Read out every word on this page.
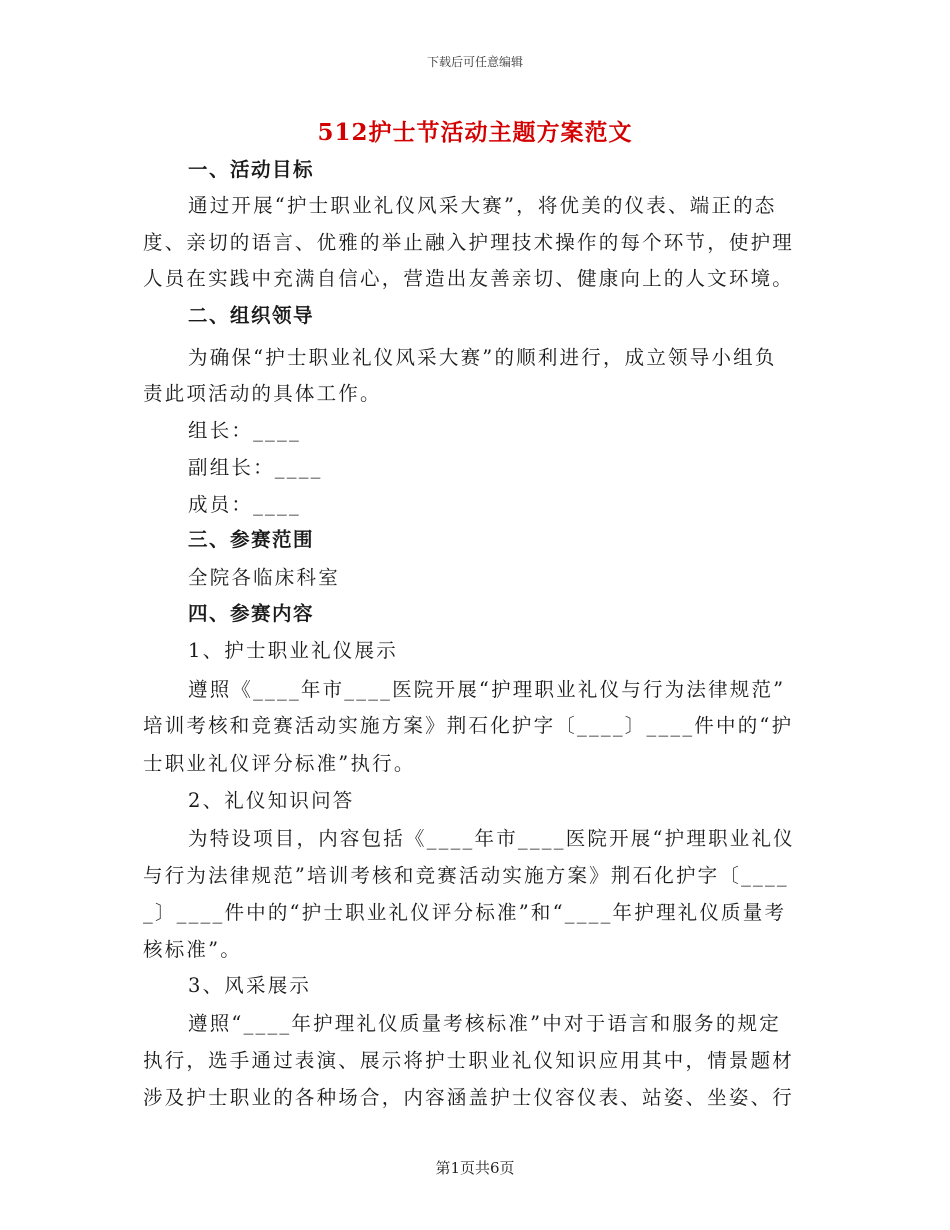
下载后可任意编辑
512护士节活动主题方案范文
一、活动目标
通过开展“护士职业礼仪风采大赛”，将优美的仪表、端正的态
度、亲切的语言、优雅的举止融入护理技术操作的每个环节，使护理
人员在实践中充满自信心，营造出友善亲切、健康向上的人文环境。
二、组织领导
为确保“护士职业礼仪风采大赛”的顺利进行，成立领导小组负
责此项活动的具体工作。
组长：____
副组长：____
成员：____
三、参赛范围
全院各临床科室
四、参赛内容
1、护士职业礼仪展示
遵照《____年市____医院开展“护理职业礼仪与行为法律规范”
培训考核和竞赛活动实施方案》荆石化护字〔____〕____件中的“护
士职业礼仪评分标准”执行。
2、礼仪知识问答
为特设项目，内容包括《____年市____医院开展“护理职业礼仪
与行为法律规范”培训考核和竞赛活动实施方案》荆石化护字〔____
_〕____件中的“护士职业礼仪评分标准”和“____年护理礼仪质量考
核标准”。
3、风采展示
遵照“____年护理礼仪质量考核标准”中对于语言和服务的规定
执行，选手通过表演、展示将护士职业礼仪知识应用其中，情景题材
涉及护士职业的各种场合，内容涵盖护士仪容仪表、站姿、坐姿、行
第1页共6页
